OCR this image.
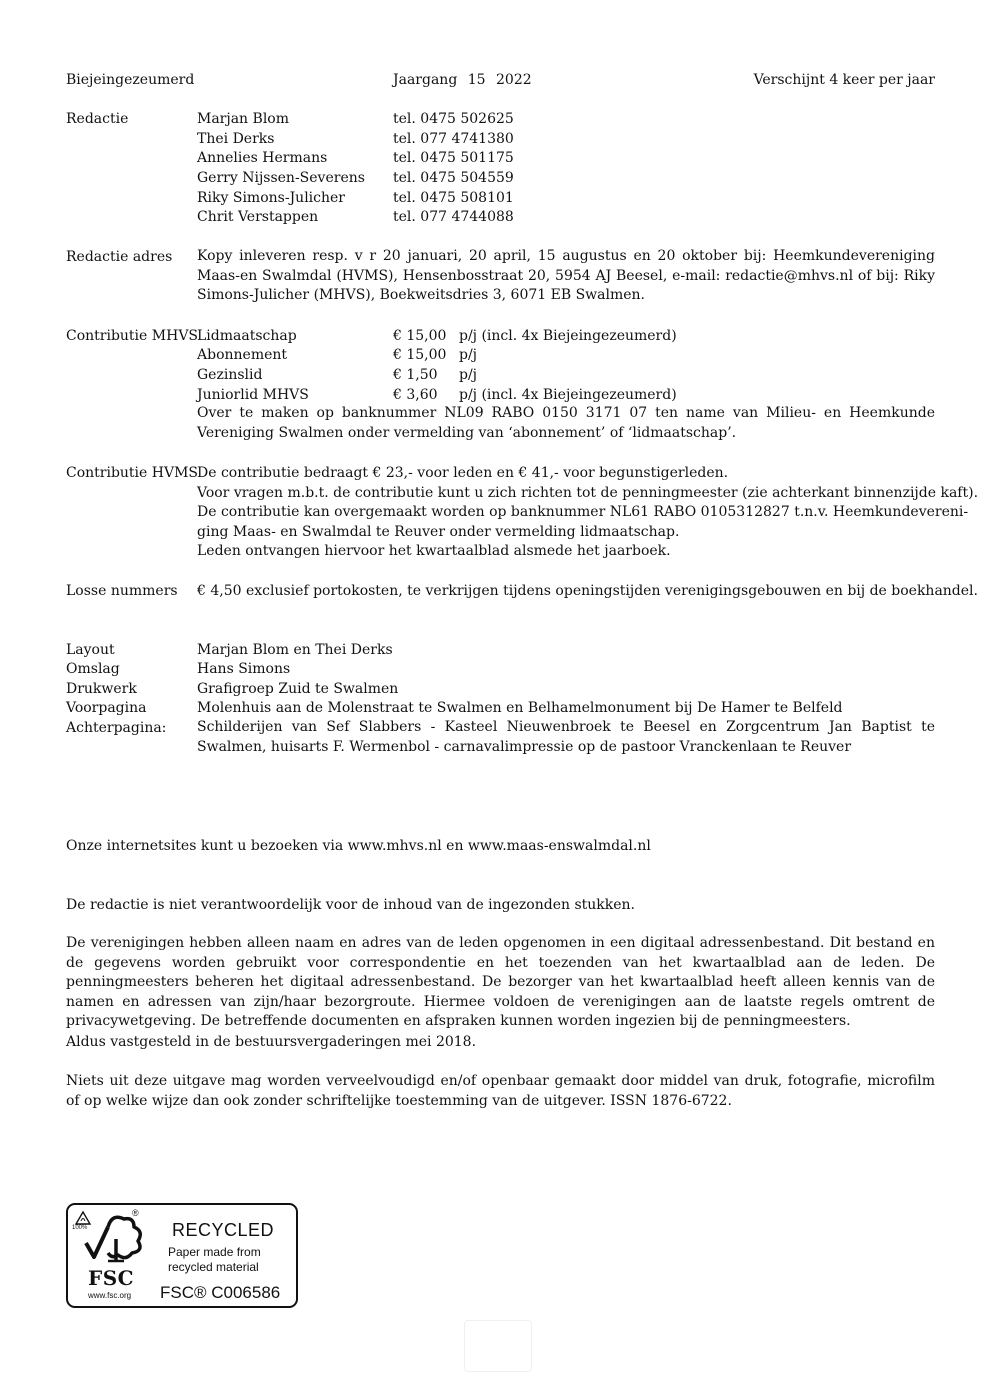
Biejeingezeumerd	Jaargang 15 2022	Verschijnt 4 keer per jaar
Redactie	Marjan Blom	tel. 0475 502625
Thei Derks	tel. 077 4741380
Annelies Hermans	tel. 0475 501175
Gerry Nijssen-Severens tel. 0475 504559
Riky Simons-Julicher	tel. 0475 508101
Chrit Verstappen	tel. 077 4744088
Redactie adres Kopy inleveren resp. v r 20 januari, 20 april, 15 augustus en 20 oktober bij: Heemkundevereniging Maas-en Swalmdal (HVMS), Hensenbosstraat 20, 5954 AJ Beesel, e-mail: redactie@mhvs.nl of bij: Riky Simons-Julicher (MHVS), Boekweitsdries 3, 6071 EB Swalmen.
Contributie MHVS
Lidmaatschap	€ 15,00 p/j (incl. 4x Biejeingezeumerd)
Abonnement	€ 15,00 p/j
Gezinslid	€ 1,50 p/j
Juniorlid MHVS	€ 3,60 p/j (incl. 4x Biejeingezeumerd)
Over te maken op banknummer NL09 RABO 0150 3171 07 ten name van Milieu- en Heemkunde Vereniging Swalmen onder vermelding van ‘abonnement’ of ‘lidmaatschap’.
Contributie HVMS
De contributie bedraagt € 23,- voor leden en € 41,- voor begunstigerleden.
Voor vragen m.b.t. de contributie kunt u zich richten tot de penningmeester (zie achterkant binnenzijde kaft).
De contributie kan overgemaakt worden op banknummer NL61 RABO 0105312827 t.n.v. Heemkundevereni-
ging Maas- en Swalmdal te Reuver onder vermelding lidmaatschap.
Leden ontvangen hiervoor het kwartaalblad alsmede het jaarboek.
Losse nummers € 4,50 exclusief portokosten, te verkrijgen tijdens openingstijden verenigingsgebouwen en bij de boekhandel.
Layout	Marjan Blom en Thei Derks
Omslag	Hans Simons
Drukwerk	Grafigroep Zuid te Swalmen
Voorpagina	Molenhuis aan de Molenstraat te Swalmen en Belhamelmonument bij De Hamer te Belfeld
Achterpagina: Schilderijen van Sef Slabbers - Kasteel Nieuwenbroek te Beesel en Zorgcentrum Jan Baptist te Swalmen, huisarts F. Wermenbol - carnavalimpressie op de pastoor Vranckenlaan te Reuver
Onze internetsites kunt u bezoeken via www.mhvs.nl en www.maas-enswalmdal.nl
De redactie is niet verantwoordelijk voor de inhoud van de ingezonden stukken.
De verenigingen hebben alleen naam en adres van de leden opgenomen in een digitaal adressenbestand. Dit bestand en de gegevens worden gebruikt voor correspondentie en het toezenden van het kwartaalblad aan de leden. De penningmeesters beheren het digitaal adressenbestand. De bezorger van het kwartaalblad heeft alleen kennis van de namen en adressen van zijn/haar bezorgroute. Hiermee voldoen de verenigingen aan de laatste regels omtrent de privacywetgeving. De betreffende documenten en afspraken kunnen worden ingezien bij de penningmeesters.
Aldus vastgesteld in de bestuursvergaderingen mei 2018.
Niets uit deze uitgave mag worden verveelvoudigd en/of openbaar gemaakt door middel van druk, fotografie, microfilm of op welke wijze dan ook zonder schriftelijke toestemming van de uitgever. ISSN 1876-6722.
100%
®
FSC
www.fsc.org
RECYCLED
Paper made from
recycled material
FSC® C006586
